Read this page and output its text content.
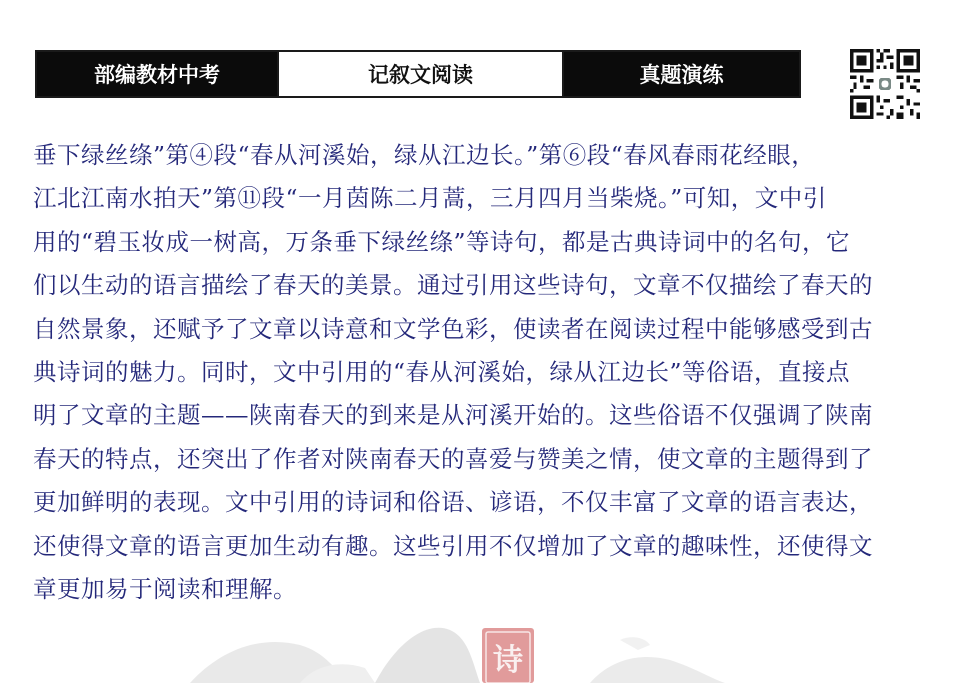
部编教材中考	记叙文阅读	真题演练

垂下绿丝绦”第④段“春从河溪始，绿从江边长。”第⑥段“春风春雨花经眼，

江北江南水拍天”第⑪段“一月茵陈二月蒿，三月四月当柴烧。”可知，文中引

用的“碧玉妆成一树高，万条垂下绿丝绦”等诗句，都是古典诗词中的名句，它

们以生动的语言描绘了春天的美景。通过引用这些诗句，文章不仅描绘了春天的

自然景象，还赋予了文章以诗意和文学色彩，使读者在阅读过程中能够感受到古

典诗词的魅力。同时，文中引用的“春从河溪始，绿从江边长”等俗语，直接点

明了文章的主题——陕南春天的到来是从河溪开始的。这些俗语不仅强调了陕南

春天的特点，还突出了作者对陕南春天的喜爱与赞美之情，使文章的主题得到了

更加鲜明的表现。文中引用的诗词和俗语、谚语，不仅丰富了文章的语言表达，

还使得文章的语言更加生动有趣。这些引用不仅增加了文章的趣味性，还使得文

章更加易于阅读和理解。

诗
